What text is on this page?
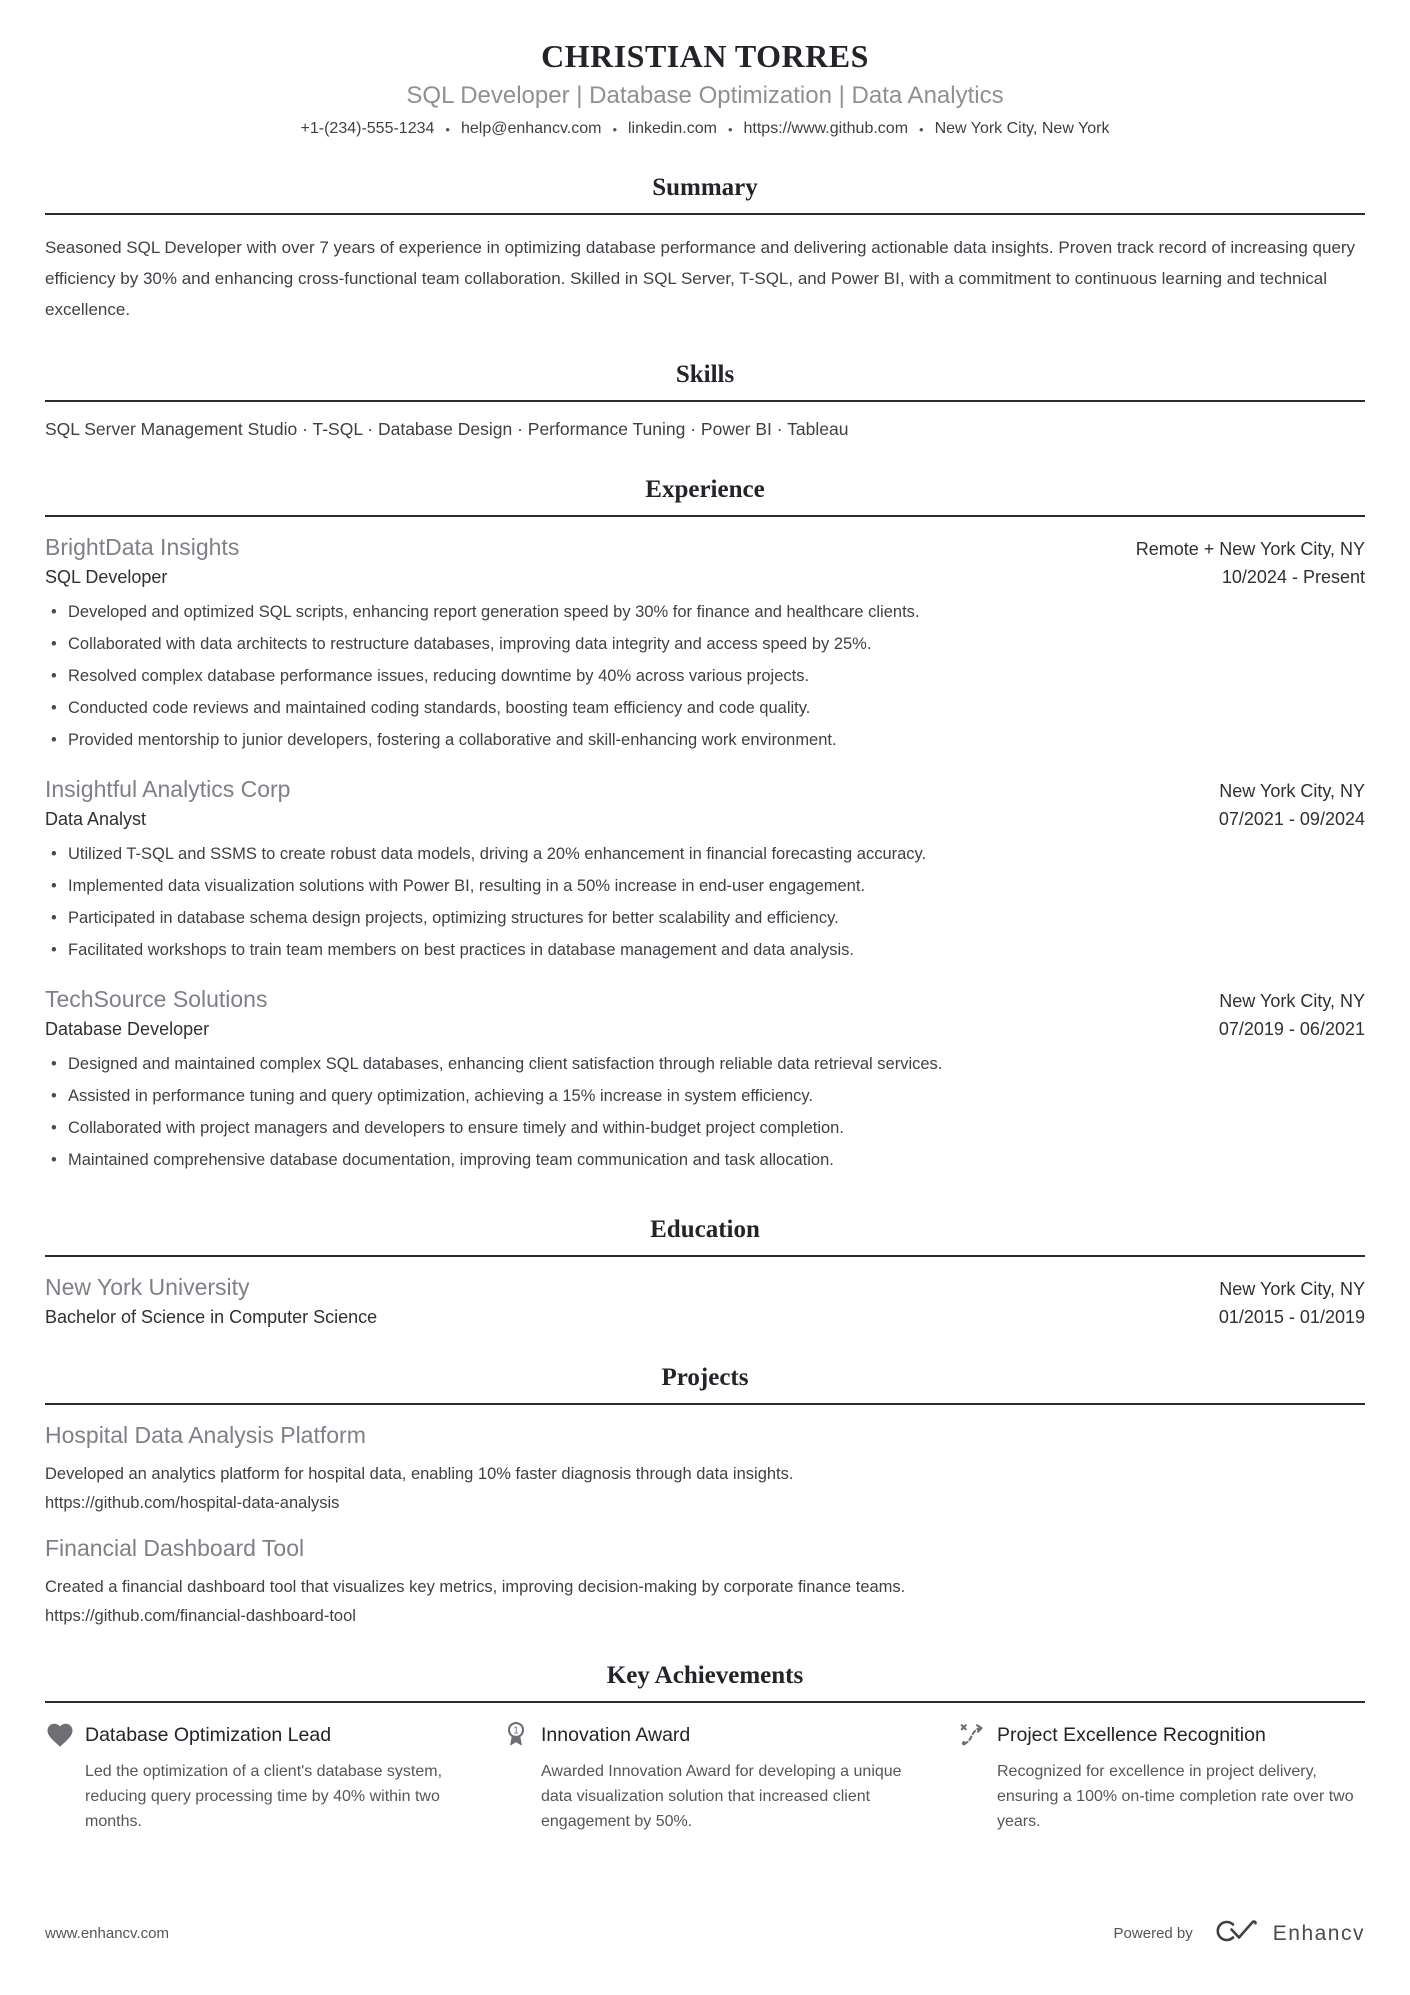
CHRISTIAN TORRES
SQL Developer | Database Optimization | Data Analytics
+1-(234)-555-1234 • help@enhancv.com • linkedin.com • https://www.github.com • New York City, New York
Summary

Seasoned SQL Developer with over 7 years of experience in optimizing database performance and delivering actionable data insights. Proven track record of increasing query efficiency by 30% and enhancing cross-functional team collaboration. Skilled in SQL Server, T-SQL, and Power BI, with a commitment to continuous learning and technical excellence.

Skills

SQL Server Management Studio · T-SQL · Database Design · Performance Tuning · Power BI · Tableau

Experience
BrightData Insights	Remote + New York City, NY
SQL Developer	10/2024 - Present
• Developed and optimized SQL scripts, enhancing report generation speed by 30% for finance and healthcare clients.
• Collaborated with data architects to restructure databases, improving data integrity and access speed by 25%.
• Resolved complex database performance issues, reducing downtime by 40% across various projects.
• Conducted code reviews and maintained coding standards, boosting team efficiency and code quality.
• Provided mentorship to junior developers, fostering a collaborative and skill-enhancing work environment.
Insightful Analytics Corp	New York City, NY
Data Analyst	07/2021 - 09/2024
• Utilized T-SQL and SSMS to create robust data models, driving a 20% enhancement in financial forecasting accuracy.
• Implemented data visualization solutions with Power BI, resulting in a 50% increase in end-user engagement.
• Participated in database schema design projects, optimizing structures for better scalability and efficiency.
• Facilitated workshops to train team members on best practices in database management and data analysis.
TechSource Solutions	New York City, NY
Database Developer	07/2019 - 06/2021
• Designed and maintained complex SQL databases, enhancing client satisfaction through reliable data retrieval services.
• Assisted in performance tuning and query optimization, achieving a 15% increase in system efficiency.
• Collaborated with project managers and developers to ensure timely and within-budget project completion.
• Maintained comprehensive database documentation, improving team communication and task allocation.
Education
New York University	New York City, NY
Bachelor of Science in Computer Science	01/2015 - 01/2019
Projects
Hospital Data Analysis Platform
Developed an analytics platform for hospital data, enabling 10% faster diagnosis through data insights.
https://github.com/hospital-data-analysis
Financial Dashboard Tool
Created a financial dashboard tool that visualizes key metrics, improving decision-making by corporate finance teams.
https://github.com/financial-dashboard-tool
Key Achievements
Database Optimization Lead
Led the optimization of a client's database system, reducing query processing time by 40% within two months.
1 Innovation Award
Awarded Innovation Award for developing a unique data visualization solution that increased client engagement by 50%.
Project Excellence Recognition
Recognized for excellence in project delivery, ensuring a 100% on-time completion rate over two years.
www.enhancv.com	Powered by	Enhancv
